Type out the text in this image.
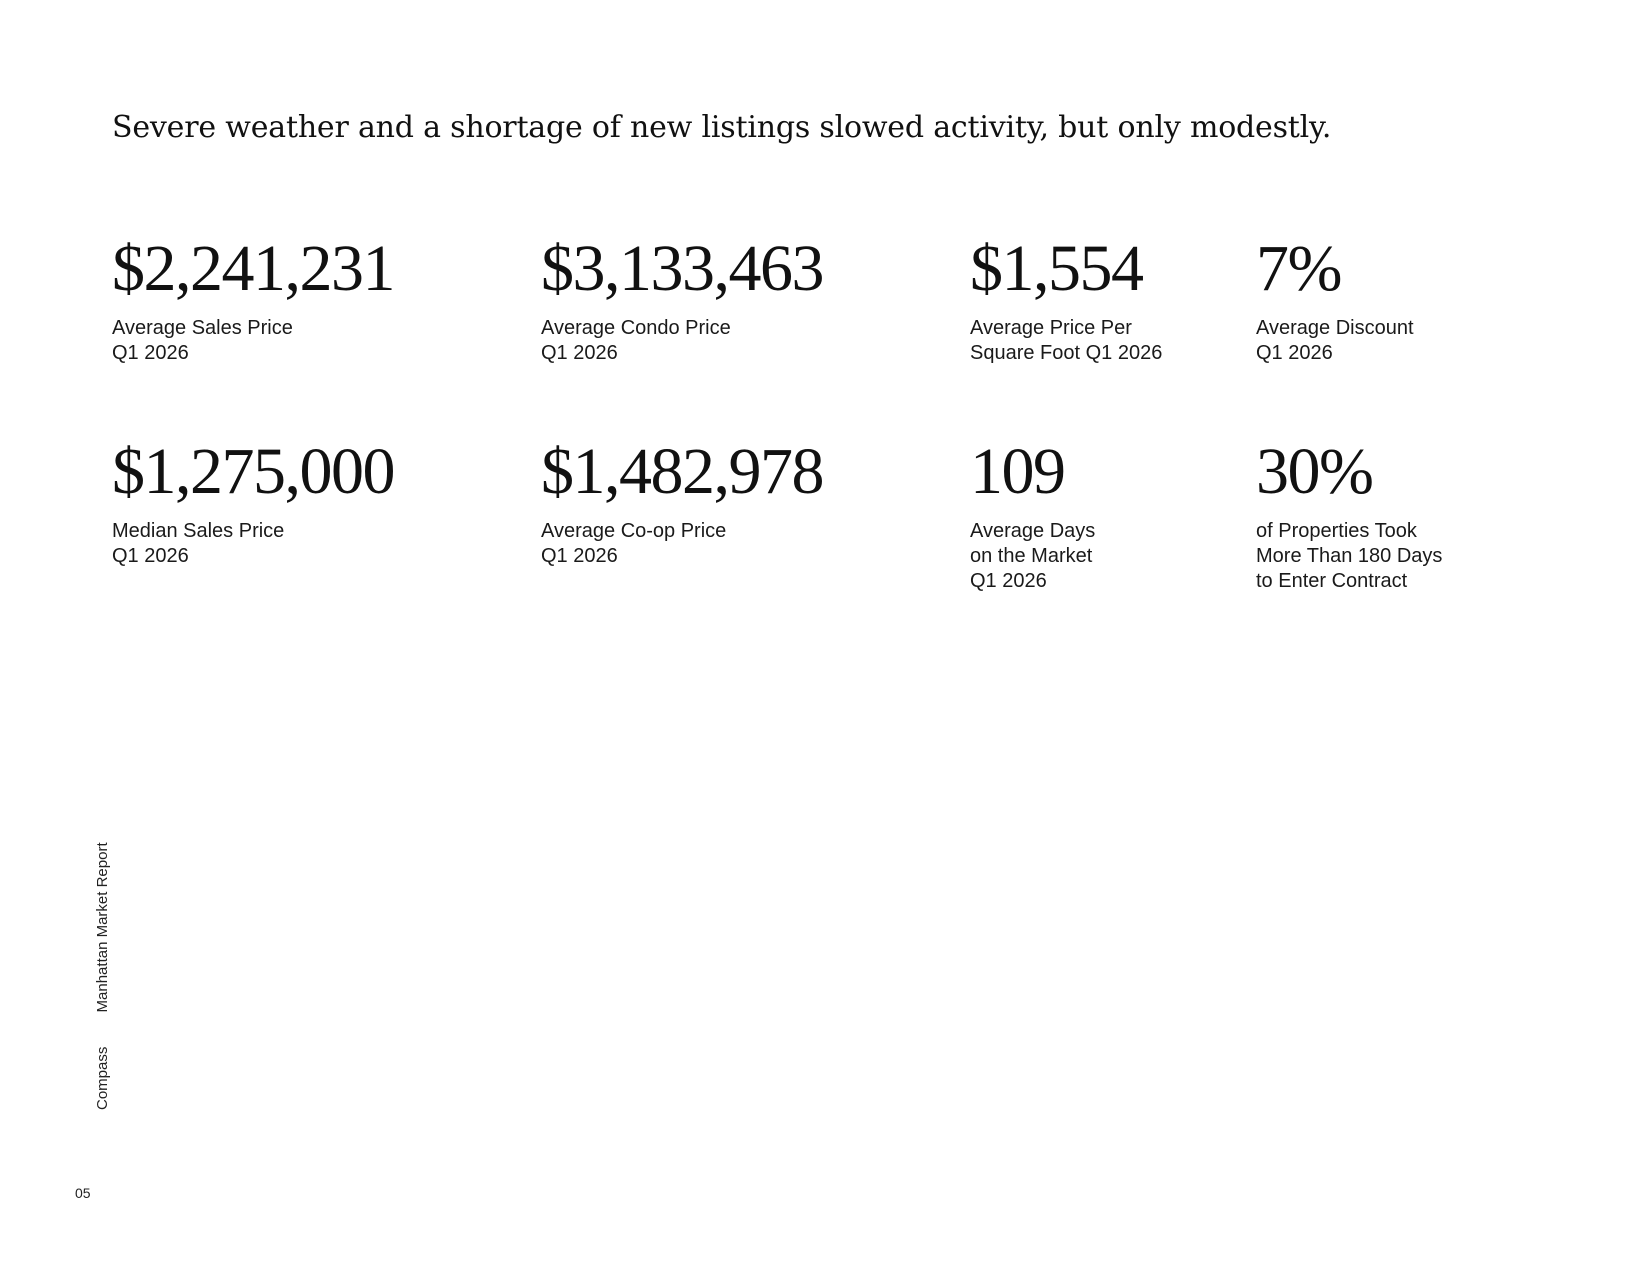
Severe weather and a shortage of new listings slowed activity, but only modestly.
$2,241,231
Average Sales Price
Q1 2026
$3,133,463
Average Condo Price
Q1 2026
$1,554
Average Price Per
Square Foot Q1 2026
7%
Average Discount
Q1 2026
$1,275,000
Median Sales Price
Q1 2026
$1,482,978
Average Co-op Price
Q1 2026
109
Average Days
on the Market
Q1 2026
30%
of Properties Took
More Than 180 Days
to Enter Contract
Compass Manhattan Market Report
05
